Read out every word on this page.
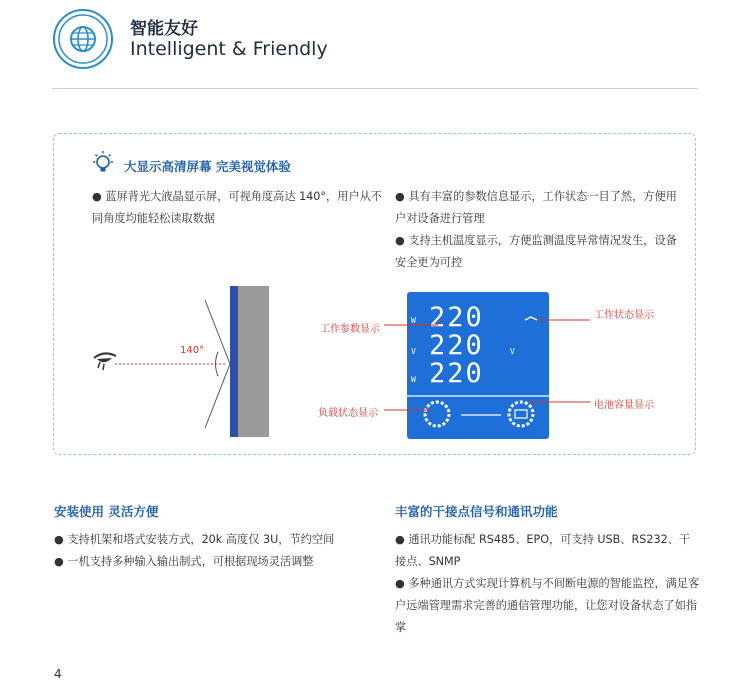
智能友好
Intelligent & Friendly
大显示高清屏幕 完美视觉体验
● 蓝屏背光大液晶显示屏，可视角度高达 140°，用户从不同角度均能轻松读取数据
● 具有丰富的参数信息显示，工作状态一目了然，方便用户对设备进行管理
● 支持主机温度显示，方便监测温度异常情况发生，设备安全更为可控
140°
W
V
W
V
220
220
220
工作参数显示
负载状态显示
工作状态显示
电池容量显示
安装使用 灵活方便
● 支持机架和塔式安装方式，20k 高度仅 3U，节约空间
● 一机支持多种输入输出制式，可根据现场灵活调整
丰富的干接点信号和通讯功能
● 通讯功能标配 RS485、EPO，可支持 USB、RS232、干接点、SNMP
● 多种通讯方式实现计算机与不间断电源的智能监控，满足客户远端管理需求完善的通信管理功能，让您对设备状态了如指掌
4
